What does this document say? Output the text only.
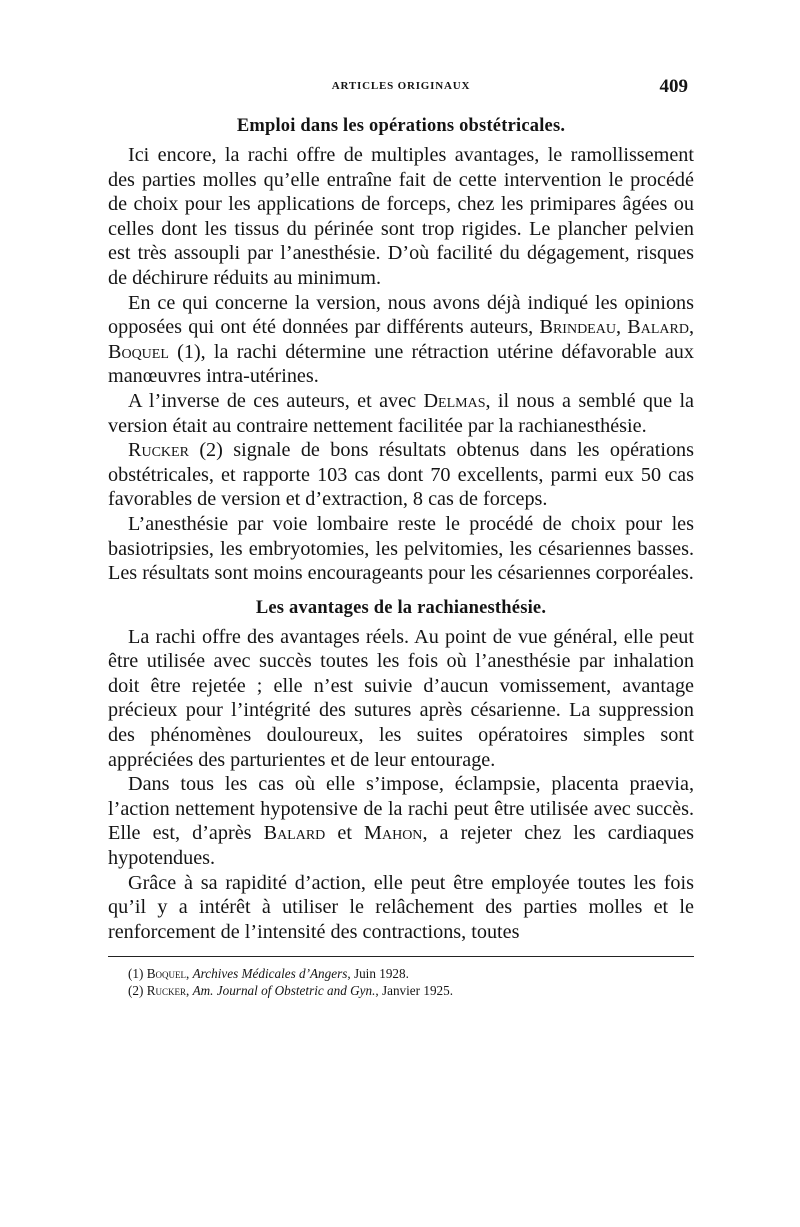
ARTICLES ORIGINAUX	409
Emploi dans les opérations obstétricales.

Ici encore, la rachi offre de multiples avantages, le ramollissement des parties molles qu’elle entraîne fait de cette intervention le procédé de choix pour les applications de forceps, chez les primipares âgées ou celles dont les tissus du périnée sont trop rigides. Le plancher pelvien est très assoupli par l’anesthésie. D’où facilité du dégagement, risques de déchirure réduits au minimum.

En ce qui concerne la version, nous avons déjà indiqué les opinions opposées qui ont été données par différents auteurs, Brindeau, Balard, Boquel (1), la rachi détermine une rétraction utérine défavorable aux manœuvres intra-utérines.

A l’inverse de ces auteurs, et avec Delmas, il nous a semblé que la version était au contraire nettement facilitée par la rachianesthésie.

Rucker (2) signale de bons résultats obtenus dans les opérations obstétricales, et rapporte 103 cas dont 70 excellents, parmi eux 50 cas favorables de version et d’extraction, 8 cas de forceps.

L’anesthésie par voie lombaire reste le procédé de choix pour les basiotripsies, les embryotomies, les pelvitomies, les césariennes basses. Les résultats sont moins encourageants pour les césariennes corporéales.

Les avantages de la rachianesthésie.

La rachi offre des avantages réels. Au point de vue général, elle peut être utilisée avec succès toutes les fois où l’anesthésie par inhalation doit être rejetée ; elle n’est suivie d’aucun vomissement, avantage précieux pour l’intégrité des sutures après césarienne. La suppression des phénomènes douloureux, les suites opératoires simples sont appréciées des parturientes et de leur entourage.

Dans tous les cas où elle s’impose, éclampsie, placenta praevia, l’action nettement hypotensive de la rachi peut être utilisée avec succès. Elle est, d’après Balard et Mahon, a rejeter chez les cardiaques hypotendues.

Grâce à sa rapidité d’action, elle peut être employée toutes les fois qu’il y a intérêt à utiliser le relâchement des parties molles et le renforcement de l’intensité des contractions, toutes

(1) Boquel, Archives Médicales d’Angers, Juin 1928.

(2) Rucker, Am. Journal of Obstetric and Gyn., Janvier 1925.
